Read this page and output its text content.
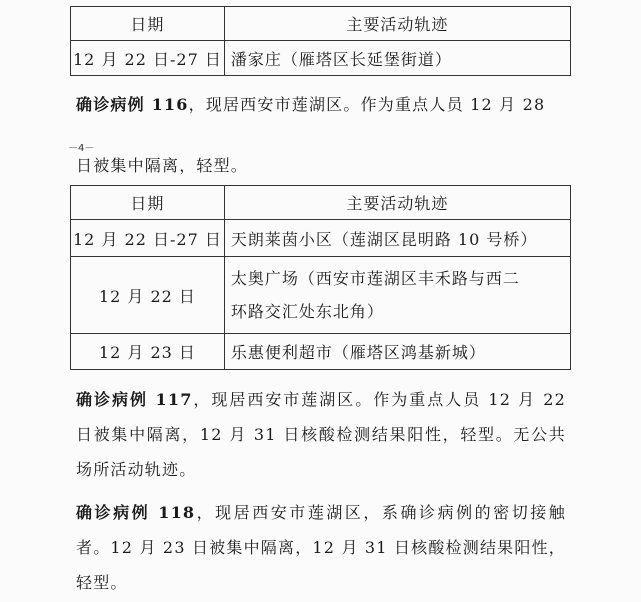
日期	主要活动轨迹
12 月 22 日-27 日	潘家庄（雁塔区长延堡街道）
确诊病例 116，现居西安市莲湖区。作为重点人员 12 月 28
－4－
日被集中隔离，轻型。
日期	主要活动轨迹
12 月 22 日-27 日	天朗莱茵小区（莲湖区昆明路 10 号桥）
12 月 22 日	太奥广场（西安市莲湖区丰禾路与西二
环路交汇处东北角）

12 月 23 日	乐惠便利超市（雁塔区鸿基新城）
确诊病例 117，现居西安市莲湖区。作为重点人员 12 月 22 日被集中隔离，12 月 31 日核酸检测结果阳性，轻型。无公共场所活动轨迹。
确诊病例 118，现居西安市莲湖区，系确诊病例的密切接触者。12 月 23 日被集中隔离，12 月 31 日核酸检测结果阳性，轻型。
